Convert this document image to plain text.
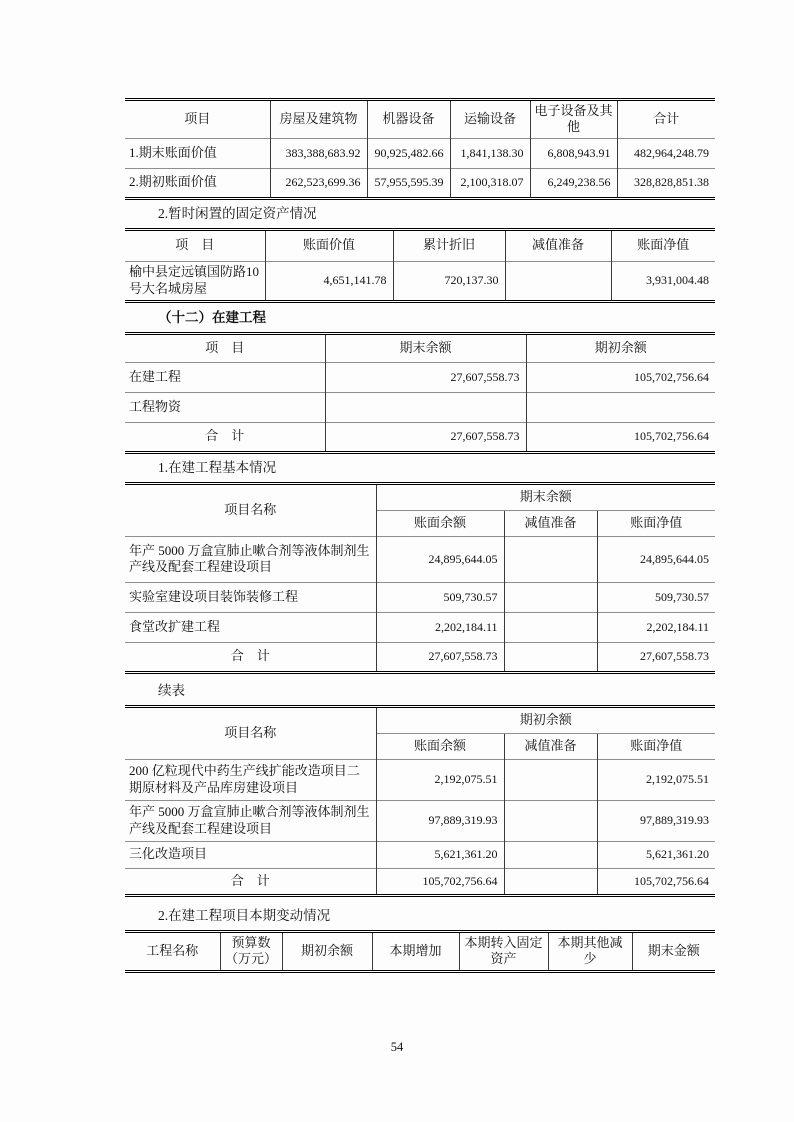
项目	房屋及建筑物	机器设备	运输设备	电子设备及其他	合计
1.期末账面价值	383,388,683.92	90,925,482.66	1,841,138.30	6,808,943.91	482,964,248.79
2.期初账面价值	262,523,699.36	57,955,595.39	2,100,318.07	6,249,238.56	328,828,851.38

2.暂时闲置的固定资产情况

项　目	账面价值	累计折旧	减值准备	账面净值
榆中县定远镇国防路10 号大名城房屋	4,651,141.78	720,137.30		3,931,004.48

（十二）在建工程

项　目	期末余额	期初余额
在建工程	27,607,558.73	105,702,756.64
工程物资		
合　计	27,607,558.73	105,702,756.64

1.在建工程基本情况

项目名称	期末余额		
	账面余额	减值准备	账面净值
年产 5000 万盒宣肺止嗽合剂等液体制剂生产线及配套工程建设项目	24,895,644.05		24,895,644.05
实验室建设项目装饰装修工程	509,730.57		509,730.57
食堂改扩建工程	2,202,184.11		2,202,184.11
合　计	27,607,558.73		27,607,558.73

续表

项目名称	期初余额		
	账面余额	减值准备	账面净值
200 亿粒现代中药生产线扩能改造项目二期原材料及产品库房建设项目	2,192,075.51		2,192,075.51
年产 5000 万盒宣肺止嗽合剂等液体制剂生产线及配套工程建设项目	97,889,319.93		97,889,319.93
三化改造项目	5,621,361.20		5,621,361.20
合　计	105,702,756.64		105,702,756.64

2.在建工程项目本期变动情况

工程名称	预算数（万元）	期初余额	本期增加	本期转入固定资产	本期其他减少	期末金额
54
